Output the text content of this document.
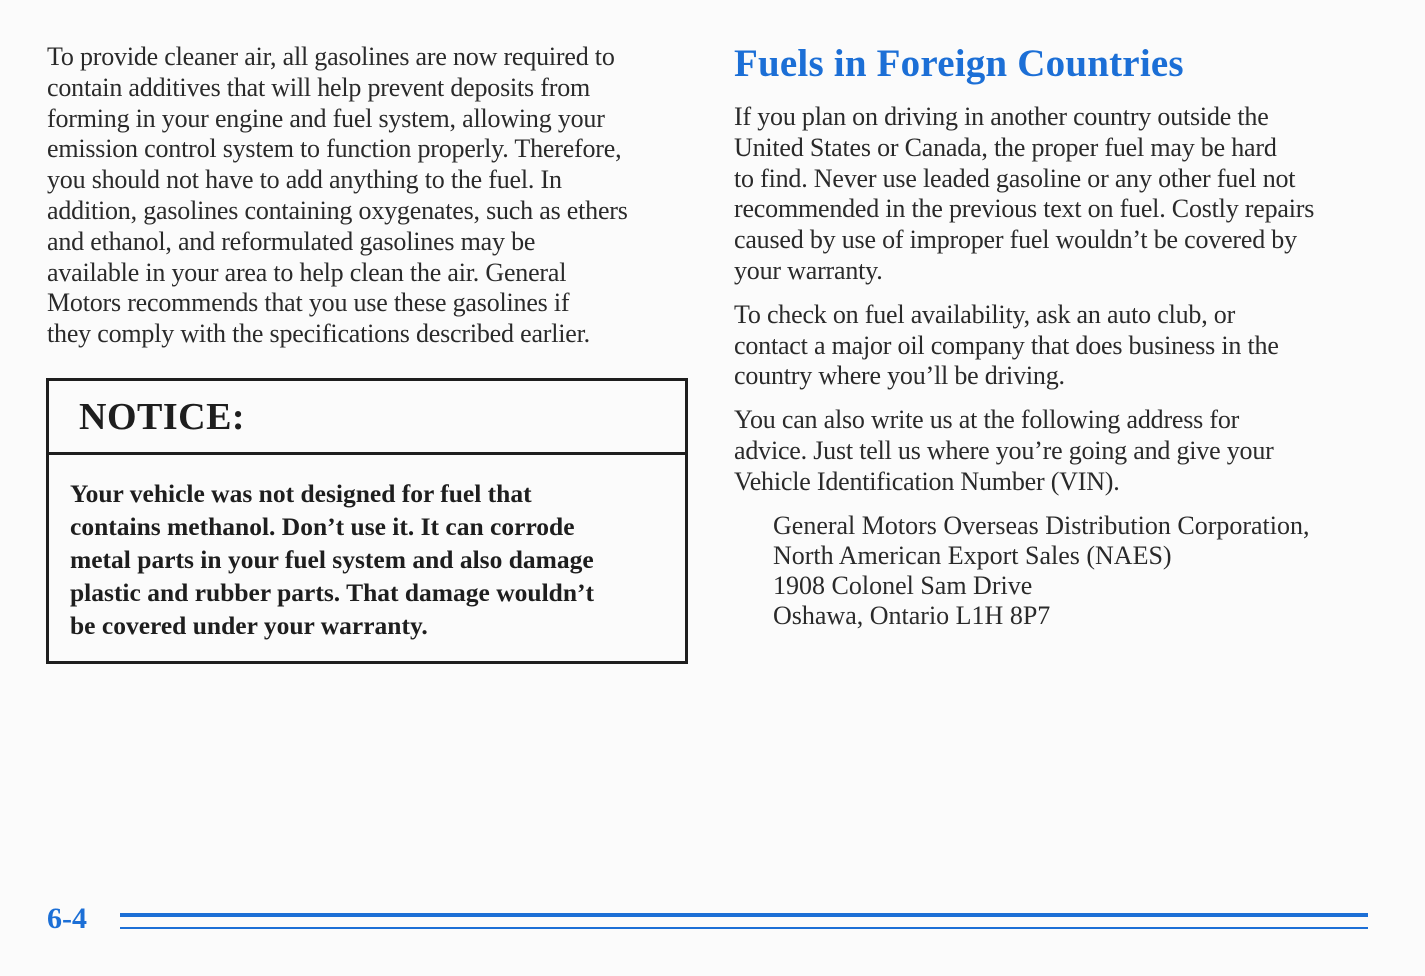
To provide cleaner air, all gasolines are now required to
contain additives that will help prevent deposits from
forming in your engine and fuel system, allowing your
emission control system to function properly. Therefore,
you should not have to add anything to the fuel. In
addition, gasolines containing oxygenates, such as ethers
and ethanol, and reformulated gasolines may be
available in your area to help clean the air. General
Motors recommends that you use these gasolines if
they comply with the specifications described earlier.

NOTICE:

Your vehicle was not designed for fuel that
contains methanol. Don’t use it. It can corrode
metal parts in your fuel system and also damage
plastic and rubber parts. That damage wouldn’t
be covered under your warranty.

Fuels in Foreign Countries

If you plan on driving in another country outside the
United States or Canada, the proper fuel may be hard
to find. Never use leaded gasoline or any other fuel not
recommended in the previous text on fuel. Costly repairs
caused by use of improper fuel wouldn’t be covered by
your warranty.

To check on fuel availability, ask an auto club, or
contact a major oil company that does business in the
country where you’ll be driving.

You can also write us at the following address for
advice. Just tell us where you’re going and give your
Vehicle Identification Number (VIN).

General Motors Overseas Distribution Corporation,
North American Export Sales (NAES)
1908 Colonel Sam Drive
Oshawa, Ontario L1H 8P7
6-4
